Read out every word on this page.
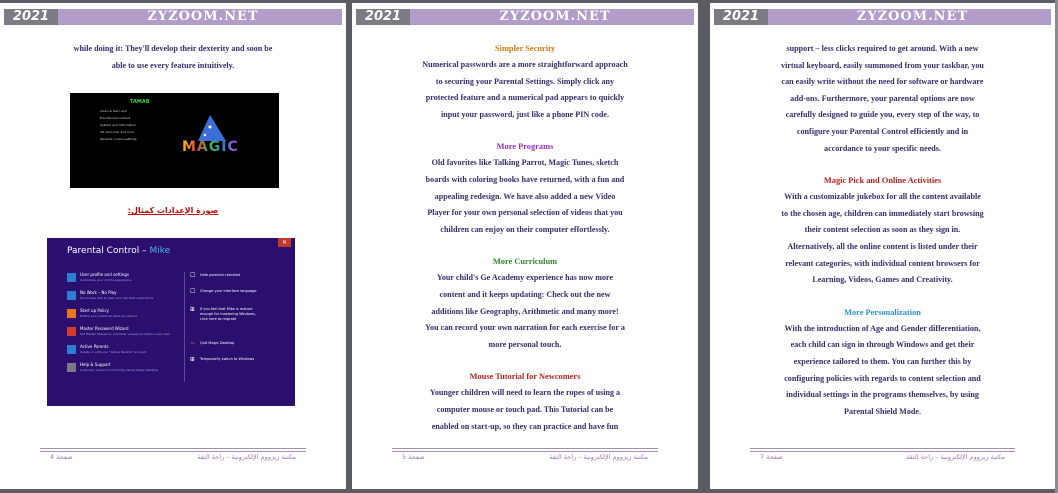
2021	ZYZOOM.NET

while doing it: They'll develop their dexterity and soon be

able to use every feature intuitively.

TAMAB
Clean & learn and
Educational content
System and information
Alt menu bar and mod
Parental control settings	MAGIC
صورة الإعدادات كمثال:
Parental Control – Mike
✕
User profile and settings
Customize your child's experience
No Work – No Play
Encourage kids to learn and set time restrictions
Start up Policy
Define your preferred start up options
Master Password Wizard
Set Master Password, reminder, password options and rules
Active Parents
Create or edit your "Active Parents" account
Help & Support
Customer support Community About Magic Desktop
☐ Hide parental checklist
☐ Change your interface language
⊞ If you feel that Mike is mature enough for mastering Windows, click here to migrate
⇦ Quit Magic Desktop
⊞ Temporarily switch to Windows
صفحة 4	مكتبة زيزووم الإلكترونية – راحة الثقة
2021	ZYZOOM.NET

Simpler Security

Numerical passwords are a more straightforward approach

to securing your Parental Settings. Simply click any

protected feature and a numerical pad appears to quickly

input your password, just like a phone PIN code.

More Programs

Old favorites like Talking Parrot, Magic Tunes, sketch

boards with coloring books have returned, with a fun and

appealing redesign. We have also added a new Video

Player for your own personal selection of videos that you

children can enjoy on their computer effortlessly.

More Curriculum

Your child's Ge Academy experience has now more

content and it keeps updating: Check out the new

additions like Geography, Arithmetic and many more!

You can record your own narration for each exercise for a

more personal touch.

Mouse Tutorial for Newcomers

Younger children will need to learn the ropes of using a

computer mouse or touch pad. This Tutorial can be

enabled on start-up, so they can practice and have fun

صفحة 5	مكتبة زيزووم الإلكترونية – راحة الثقة
2021	ZYZOOM.NET

support – less clicks required to get around. With a new

virtual keyboard, easily summoned from your taskbar, you

can easily write without the need for software or hardware

add-ons. Furthermore, your parental options are now

carefully designed to guide you, every step of the way, to

configure your Parental Control efficiently and in

accordance to your specific needs.

Magic Pick and Online Activities

With a customizable jukebox for all the content available

to the chosen age, children can immediately start browsing

their content selection as soon as they sign in.

Alternatively, all the online content is listed under their

relevant categories, with individual content browsers for

Learning, Videos, Games and Creativity.

More Personalization

With the introduction of Age and Gender differentiation,

each child can sign in through Windows and get their

experience tailored to them. You can further this by

configuring policies with regards to content selection and

individual settings in the programs themselves, by using

Parental Shield Mode.

صفحة 7	مكتبة زيزووم الإلكترونية – راحة الثقة
